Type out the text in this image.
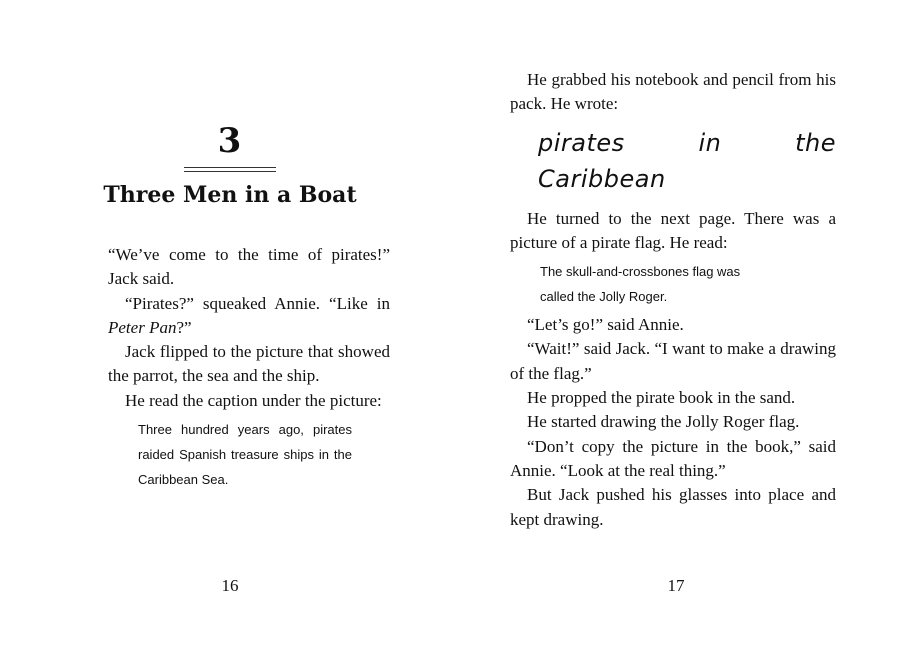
3
Three Men in a Boat

“We’ve come to the time of pirates!” Jack said.

“Pirates?” squeaked Annie. “Like in Peter Pan?”

Jack flipped to the picture that showed the parrot, the sea and the ship.

He read the caption under the picture:

Three hundred years ago, pirates raided Spanish treasure ships in the Caribbean Sea.
16

He grabbed his notebook and pencil from his pack. He wrote:

pirates in the Caribbean

He turned to the next page. There was a picture of a pirate flag. He read:

The skull-and-crossbones flag was called the Jolly Roger.

“Let’s go!” said Annie.

“Wait!” said Jack. “I want to make a drawing of the flag.”

He propped the pirate book in the sand.

He started drawing the Jolly Roger flag.

“Don’t copy the picture in the book,” said Annie. “Look at the real thing.”

But Jack pushed his glasses into place and kept drawing.

17
